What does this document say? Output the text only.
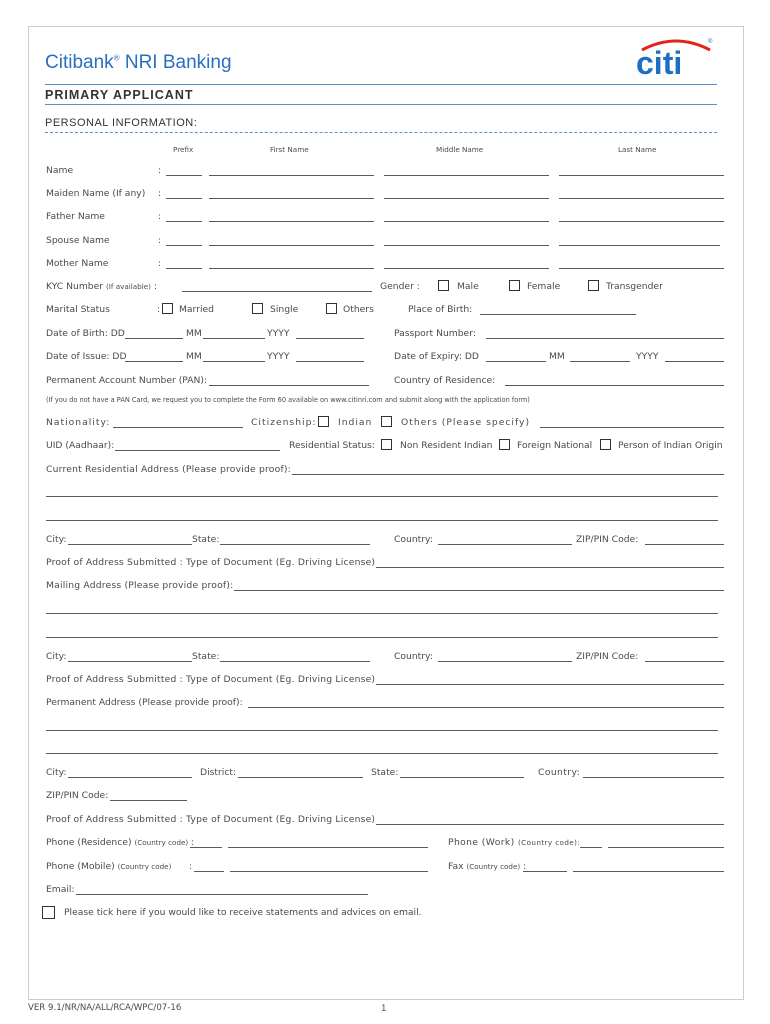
Citibank® NRI Banking	citi
®
PRIMARY APPLICANT
PERSONAL INFORMATION:
Prefix	First Name	Middle Name	Last Name
Name	:
Maiden Name (If any) :
Father Name	:
Spouse Name	:
Mother Name	:
KYC Number (If available) :	Gender :	Male	Female	Transgender
Marital Status	: Married	Single	Others	Place of Birth:
Date of Birth: DD	MM	YYYY	Passport Number:
Date of Issue: DD	MM	YYYY	Date of Expiry: DD	MM	YYYY
Permanent Account Number (PAN):	Country of Residence:
(If you do not have a PAN Card, we request you to complete the Form 60 available on www.citinri.com and submit along with the application form)
Nationality:	Citizenship: Indian	Others (Please specify)
UID (Aadhaar):	Residential Status:	Non Resident Indian	Foreign National	Person of Indian Origin
Current Residential Address (Please provide proof):
City:	State:	Country:	ZIP/PIN Code:
Proof of Address Submitted : Type of Document (Eg. Driving License)
Mailing Address (Please provide proof):
City:	State:	Country:	ZIP/PIN Code:
Proof of Address Submitted : Type of Document (Eg. Driving License)
Permanent Address (Please provide proof):
City:	District:	State:	Country:
ZIP/PIN Code:
Proof of Address Submitted : Type of Document (Eg. Driving License)
Phone (Residence) (Country code) :	Phone (Work) (Country code):
Phone (Mobile) (Country code) :	Fax (Country code) :
Email:
Please tick here if you would like to receive statements and advices on email.
VER 9.1/NR/NA/ALL/RCA/WPC/07-16	1
